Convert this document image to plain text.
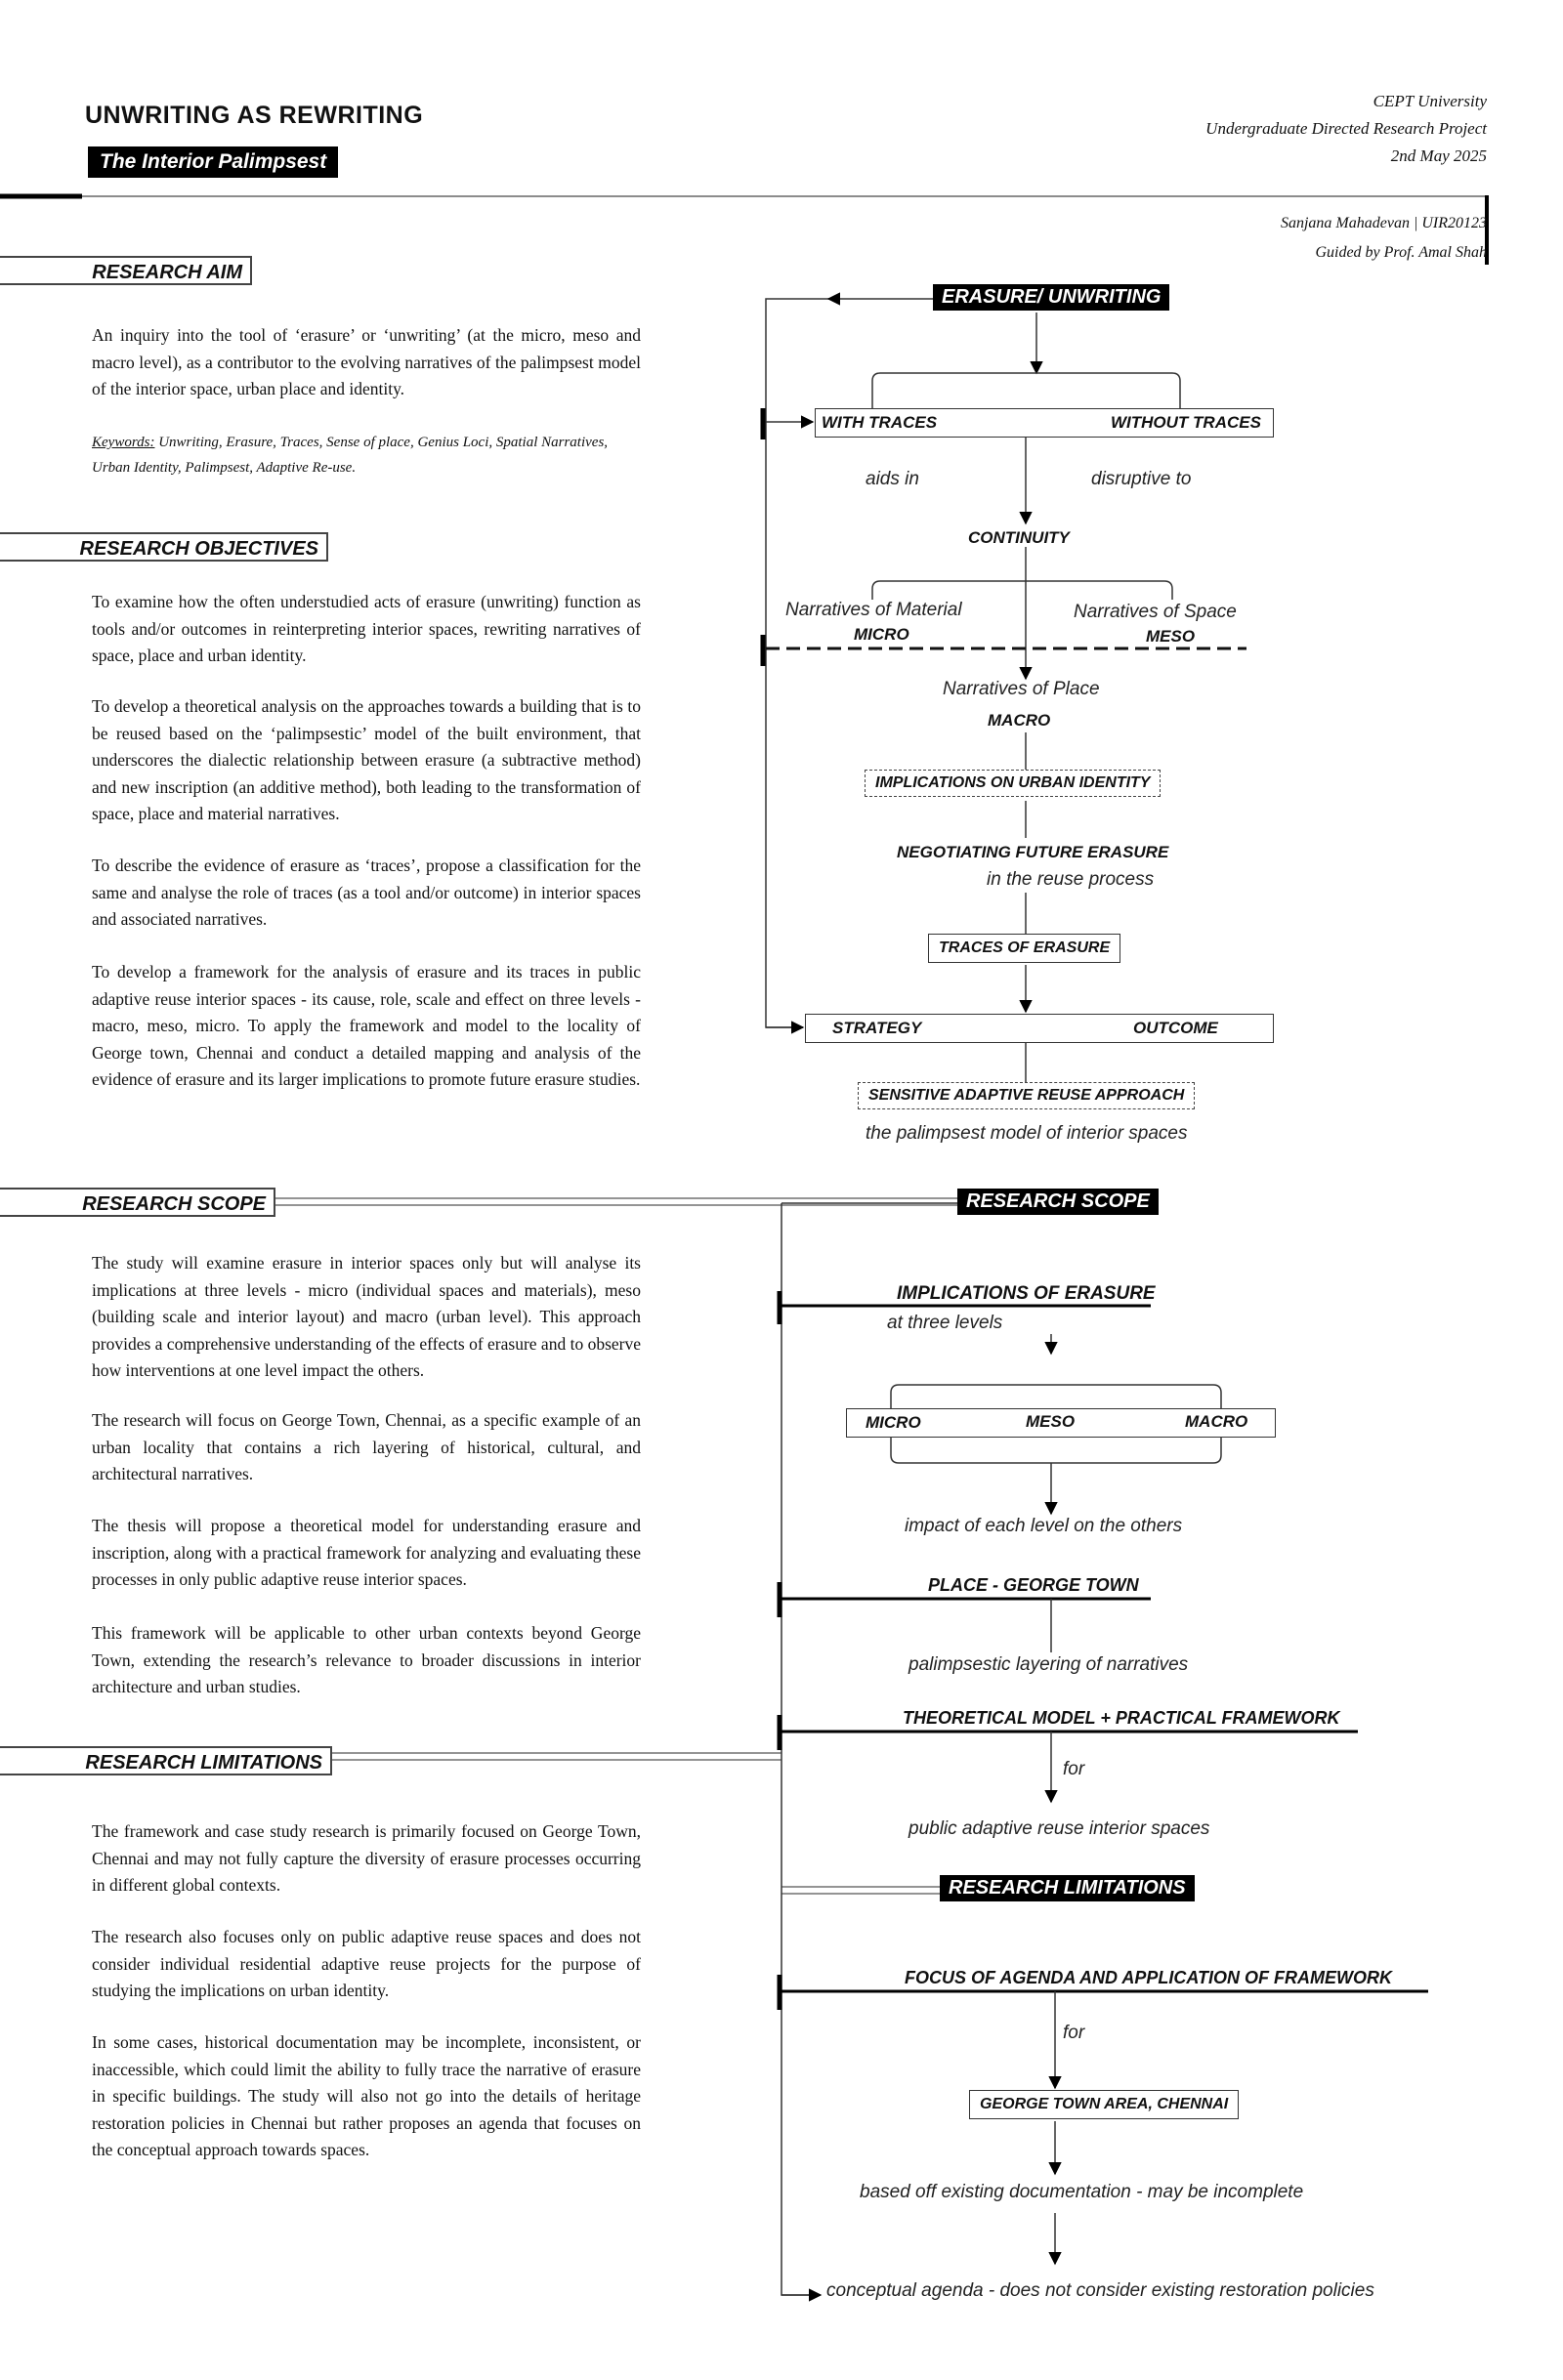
UNWRITING AS REWRITING
The Interior Palimpsest
CEPT University
Undergraduate Directed Research Project
2nd May 2025
Sanjana Mahadevan | UIR20123
Guided by Prof. Amal Shah
RESEARCH AIM

An inquiry into the tool of ‘erasure’ or ‘unwriting’ (at the micro, meso and macro level), as a contributor to the evolving narratives of the palimpsest model of the interior space, urban place and identity.

Keywords: Unwriting, Erasure, Traces, Sense of place, Genius Loci, Spatial Narratives, Urban Identity, Palimpsest, Adaptive Re-use.

RESEARCH OBJECTIVES

To examine how the often understudied acts of erasure (unwriting) function as tools and/or outcomes in reinterpreting interior spaces, rewriting narratives of space, place and urban identity.

To develop a theoretical analysis on the approaches towards a building that is to be reused based on the ‘palimpsestic’ model of the built environment, that underscores the dialectic relationship between erasure (a subtractive method) and new inscription (an additive method), both leading to the transformation of space, place and material narratives.

To describe the evidence of erasure as ‘traces’, propose a classification for the same and analyse the role of traces (as a tool and/or outcome) in interior spaces and associated narratives.

To develop a framework for the analysis of erasure and its traces in public adaptive reuse interior spaces - its cause, role, scale and effect on three levels - macro, meso, micro. To apply the framework and model to the locality of George town, Chennai and conduct a detailed mapping and analysis of the evidence of erasure and its larger implications to promote future erasure studies.

RESEARCH SCOPE

The study will examine erasure in interior spaces only but will analyse its implications at three levels - micro (individual spaces and materials), meso (building scale and interior layout) and macro (urban level). This approach provides a comprehensive understanding of the effects of erasure and to observe how interventions at one level impact the others.

The research will focus on George Town, Chennai, as a specific example of an urban locality that contains a rich layering of historical, cultural, and architectural narratives.

The thesis will propose a theoretical model for understanding erasure and inscription, along with a practical framework for analyzing and evaluating these processes in only public adaptive reuse interior spaces.

This framework will be applicable to other urban contexts beyond George Town, extending the research’s relevance to broader discussions in interior architecture and urban studies.

RESEARCH LIMITATIONS

The framework and case study research is primarily focused on George Town, Chennai and may not fully capture the diversity of erasure processes occurring in different global contexts.

The research also focuses only on public adaptive reuse spaces and does not consider individual residential adaptive reuse projects for the purpose of studying the implications on urban identity.

In some cases, historical documentation may be incomplete, inconsistent, or inaccessible, which could limit the ability to fully trace the narrative of erasure in specific buildings. The study will also not go into the details of heritage restoration policies in Chennai but rather proposes an agenda that focuses on the conceptual approach towards spaces.

ERASURE/ UNWRITING
WITH TRACES	WITHOUT TRACES
aids in	disruptive to
CONTINUITY
Narratives of Material
MICRO
Narratives of Space
MESO
Narratives of Place
MACRO
IMPLICATIONS ON URBAN IDENTITY
NEGOTIATING FUTURE ERASURE
in the reuse process
TRACES OF ERASURE
STRATEGY	OUTCOME
SENSITIVE ADAPTIVE REUSE APPROACH
the palimpsest model of interior spaces
RESEARCH SCOPE
IMPLICATIONS OF ERASURE
at three levels
MICRO	MESO	MACRO
impact of each level on the others
PLACE - GEORGE TOWN
palimpsestic layering of narratives
THEORETICAL MODEL + PRACTICAL FRAMEWORK
for
public adaptive reuse interior spaces
RESEARCH LIMITATIONS
FOCUS OF AGENDA AND APPLICATION OF FRAMEWORK
for
GEORGE TOWN AREA, CHENNAI
based off existing documentation - may be incomplete
conceptual agenda - does not consider existing restoration policies
